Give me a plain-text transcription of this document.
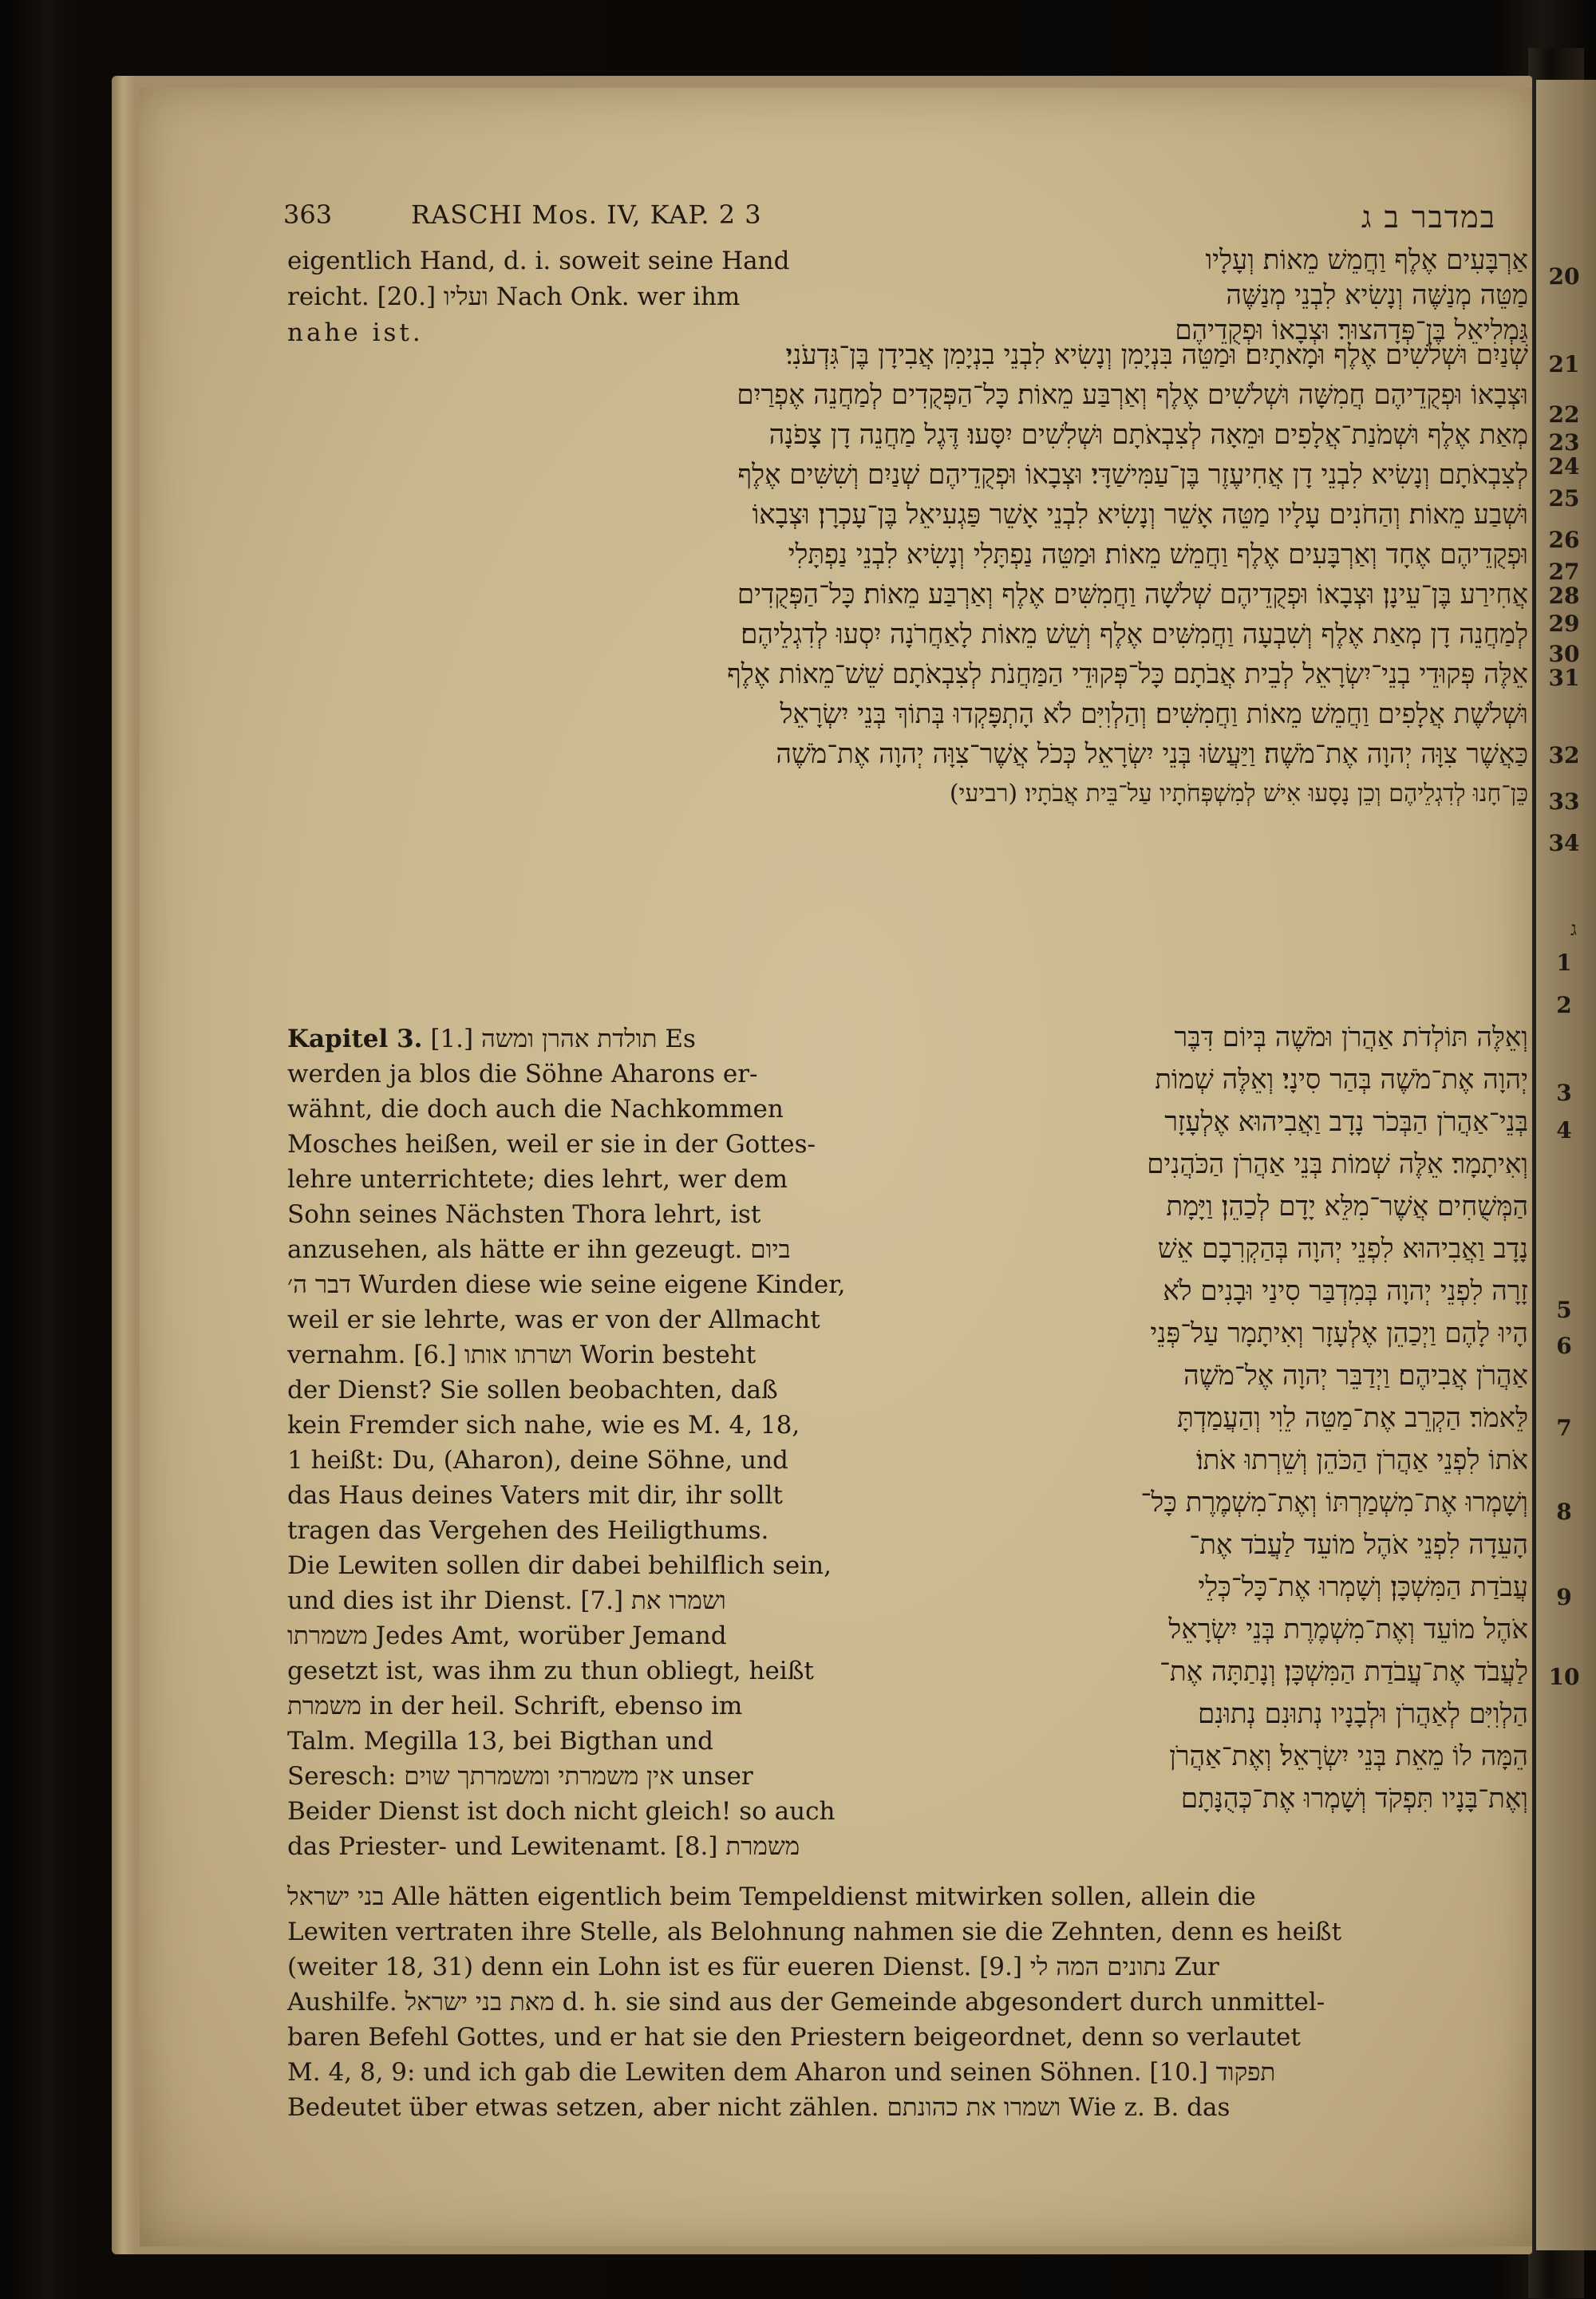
363	RASCHI Mos. IV, KAP. 2 3	במדבר ב ג
eigentlich Hand, d. i. soweit seine Hand
reicht. [20.] ועליו Nach Onk. wer ihm
nahe ist.
אַרְבָּעִים אֶלֶף וַחֲמֵשׁ מֵאוֹת׃ וְעָלָיו
מַטֵּה מְנַשֶּׁה וְנָשִׂיא לִבְנֵי מְנַשֶּׁה
גַּמְלִיאֵל בֶּן־פְּדָהצוּר׃ וּצְבָאוֹ וּפְקֻדֵיהֶם
שְׁנַיִם וּשְׁלֹשִׁים אֶלֶף וּמָאתָיִם׃ וּמַטֵּה בִּנְיָמִן וְנָשִׂיא לִבְנֵי בִנְיָמִן אֲבִידָן בֶּן־גִּדְעֹנִי׃
וּצְבָאוֹ וּפְקֻדֵיהֶם חֲמִשָּׁה וּשְׁלֹשִׁים אֶלֶף וְאַרְבַּע מֵאוֹת׃ כָּל־הַפְּקֻדִים לְמַחֲנֵה אֶפְרַיִם
מְאַת אֶלֶף וּשְׁמֹנַת־אֲלָפִים וּמֵאָה לְצִבְאֹתָם וּשְׁלִשִׁים יִסָּעוּ׃ דֶּגֶל מַחֲנֵה דָן צָפֹנָה
לְצִבְאֹתָם וְנָשִׂיא לִבְנֵי דָן אֲחִיעֶזֶר בֶּן־עַמִּישַׁדָּי׃ וּצְבָאוֹ וּפְקֻדֵיהֶם שְׁנַיִם וְשִׁשִּׁים אֶלֶף
וּשְׁבַע מֵאוֹת׃ וְהַחֹנִים עָלָיו מַטֵּה אָשֵׁר וְנָשִׂיא לִבְנֵי אָשֵׁר פַּגְעִיאֵל בֶּן־עָכְרָן׃ וּצְבָאוֹ
וּפְקֻדֵיהֶם אֶחָד וְאַרְבָּעִים אֶלֶף וַחֲמֵשׁ מֵאוֹת׃ וּמַטֵּה נַפְתָּלִי וְנָשִׂיא לִבְנֵי נַפְתָּלִי
אֲחִירַע בֶּן־עֵינָן׃ וּצְבָאוֹ וּפְקֻדֵיהֶם שְׁלֹשָׁה וַחֲמִשִּׁים אֶלֶף וְאַרְבַּע מֵאוֹת׃ כָּל־הַפְּקֻדִים
לְמַחֲנֵה דָן מְאַת אֶלֶף וְשִׁבְעָה וַחֲמִשִּׁים אֶלֶף וְשֵׁשׁ מֵאוֹת לָאַחֲרֹנָה יִסְעוּ לְדִגְלֵיהֶם׃
אֵלֶּה פְּקוּדֵי בְנֵי־יִשְׂרָאֵל לְבֵית אֲבֹתָם כָּל־פְּקוּדֵי הַמַּחֲנֹת לְצִבְאֹתָם שֵׁשׁ־מֵאוֹת אֶלֶף
וּשְׁלֹשֶׁת אֲלָפִים וַחֲמֵשׁ מֵאוֹת וַחֲמִשִּׁים׃ וְהַלְוִיִּם לֹא הָתְפָּקְדוּ בְּתוֹךְ בְּנֵי יִשְׂרָאֵל
כַּאֲשֶׁר צִוָּה יְהוָה אֶת־מֹשֶׁה׃ וַיַּעֲשׂוּ בְּנֵי יִשְׂרָאֵל כְּכֹל אֲשֶׁר־צִוָּה יְהוָה אֶת־מֹשֶׁה
כֵּן־חָנוּ לְדִגְלֵיהֶם וְכֵן נָסָעוּ אִישׁ לְמִשְׁפְּחֹתָיו עַל־בֵּית אֲבֹתָיו׃ (רביעי)
20
21
22
23
24
25
26
27
28
29
30
31
32
33
34
ג
1
2
3
4
5
6
7
8
9
10
Kapitel 3. [1.] תולדת אהרן ומשה Es
werden ja blos die Söhne Aharons er-
wähnt, die doch auch die Nachkommen
Mosches heißen, weil er sie in der Gottes-
lehre unterrichtete; dies lehrt, wer dem
Sohn seines Nächsten Thora lehrt, ist
anzusehen, als hätte er ihn gezeugt. ביום
דבר ה׳ Wurden diese wie seine eigene Kinder,
weil er sie lehrte, was er von der Allmacht
vernahm. [6.] ושרתו אותו Worin besteht
der Dienst? Sie sollen beobachten, daß
kein Fremder sich nahe, wie es M. 4, 18,
1 heißt: Du, (Aharon), deine Söhne, und
das Haus deines Vaters mit dir, ihr sollt
tragen das Vergehen des Heiligthums.
Die Lewiten sollen dir dabei behilflich sein,
und dies ist ihr Dienst. [7.] ושמרו את
משמרתו Jedes Amt, worüber Jemand
gesetzt ist, was ihm zu thun obliegt, heißt
משמרת in der heil. Schrift, ebenso im
Talm. Megilla 13, bei Bigthan und
Seresch: אין משמרתי ומשמרתך שוים unser
Beider Dienst ist doch nicht gleich! so auch
das Priester- und Lewitenamt. [8.] משמרת
וְאֵלֶּה תּוֹלְדֹת אַהֲרֹן וּמֹשֶׁה בְּיוֹם דִּבֶּר
יְהוָה אֶת־מֹשֶׁה בְּהַר סִינָי׃ וְאֵלֶּה שְׁמוֹת
בְּנֵי־אַהֲרֹן הַבְּכֹר נָדָב וַאֲבִיהוּא אֶלְעָזָר
וְאִיתָמָר׃ אֵלֶּה שְׁמוֹת בְּנֵי אַהֲרֹן הַכֹּהֲנִים
הַמְּשֻׁחִים אֲשֶׁר־מִלֵּא יָדָם לְכַהֵן׃ וַיָּמָת
נָדָב וַאֲבִיהוּא לִפְנֵי יְהוָה בְּהַקְרִבָם אֵשׁ
זָרָה לִפְנֵי יְהוָה בְּמִדְבַּר סִינַי וּבָנִים לֹא
הָיוּ לָהֶם וַיְכַהֵן אֶלְעָזָר וְאִיתָמָר עַל־פְּנֵי
אַהֲרֹן אֲבִיהֶם׃ וַיְדַבֵּר יְהוָה אֶל־מֹשֶׁה
לֵּאמֹר׃ הַקְרֵב אֶת־מַטֵּה לֵוִי וְהַעֲמַדְתָּ
אֹתוֹ לִפְנֵי אַהֲרֹן הַכֹּהֵן וְשֵׁרְתוּ אֹתוֹ׃
וְשָׁמְרוּ אֶת־מִשְׁמַרְתּוֹ וְאֶת־מִשְׁמֶרֶת כָּל־
הָעֵדָה לִפְנֵי אֹהֶל מוֹעֵד לַעֲבֹד אֶת־
עֲבֹדַת הַמִּשְׁכָּן׃ וְשָׁמְרוּ אֶת־כָּל־כְּלֵי
אֹהֶל מוֹעֵד וְאֶת־מִשְׁמֶרֶת בְּנֵי יִשְׂרָאֵל
לַעֲבֹד אֶת־עֲבֹדַת הַמִּשְׁכָּן׃ וְנָתַתָּה אֶת־
הַלְוִיִּם לְאַהֲרֹן וּלְבָנָיו נְתוּנִם נְתוּנִם
הֵמָּה לוֹ מֵאֵת בְּנֵי יִשְׂרָאֵל׃ וְאֶת־אַהֲרֹן
וְאֶת־בָּנָיו תִּפְקֹד וְשָׁמְרוּ אֶת־כְּהֻנָּתָם
בני ישראל Alle hätten eigentlich beim Tempeldienst mitwirken sollen, allein die
Lewiten vertraten ihre Stelle, als Belohnung nahmen sie die Zehnten, denn es heißt
(weiter 18, 31) denn ein Lohn ist es für eueren Dienst. [9.] נתונים המה לי Zur
Aushilfe. מאת בני ישראל d. h. sie sind aus der Gemeinde abgesondert durch unmittel-
baren Befehl Gottes, und er hat sie den Priestern beigeordnet, denn so verlautet
M. 4, 8, 9: und ich gab die Lewiten dem Aharon und seinen Söhnen. [10.] תפקוד
Bedeutet über etwas setzen, aber nicht zählen. ושמרו את כהונתם Wie z. B. das
